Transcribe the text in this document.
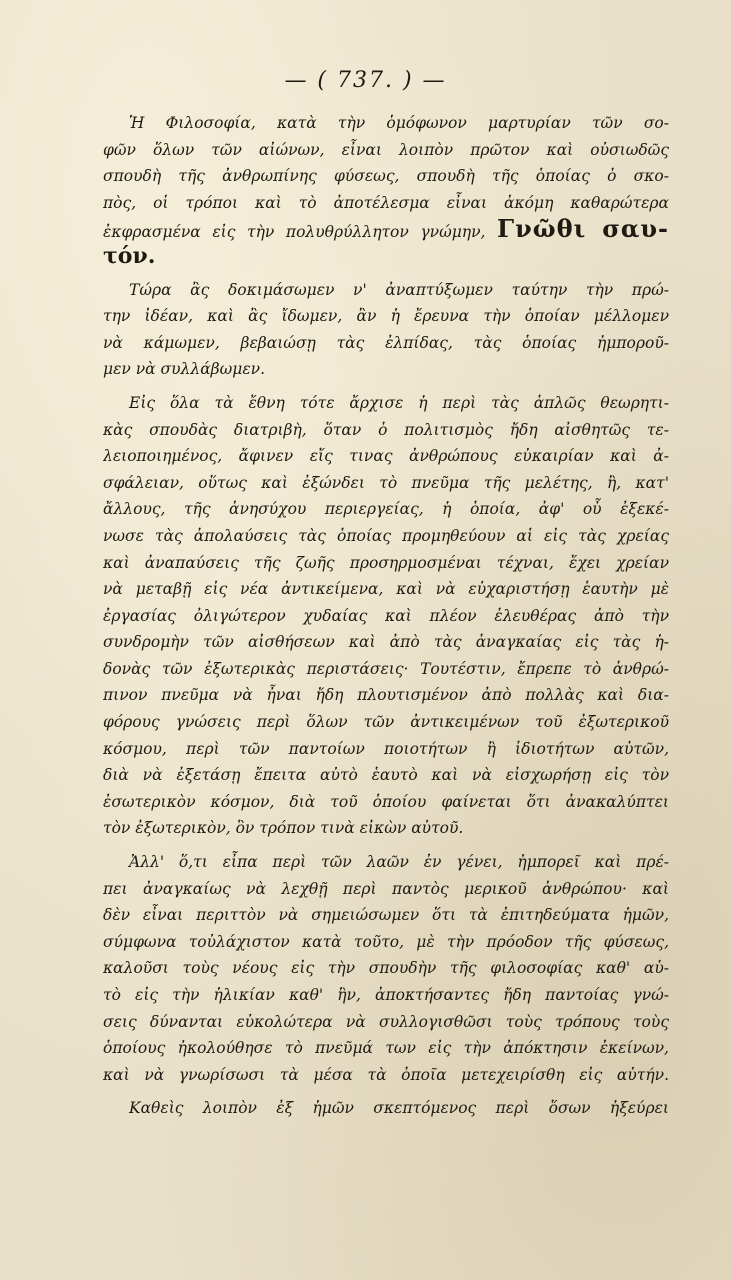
— ( 737. ) —
Ἡ Φιλοσοφία, κατὰ τὴν ὁμόφωνον μαρτυρίαν τῶν σο-
φῶν ὅλων τῶν αἰώνων, εἶναι λοιπὸν πρῶτον καὶ οὐσιωδῶς
σπουδὴ τῆς ἀνθρωπίνης φύσεως, σπουδὴ τῆς ὁποίας ὁ σκο-
πὸς, οἱ τρόποι καὶ τὸ ἀποτέλεσμα εἶναι ἀκόμη καθαρώτερα
ἐκφρασμένα εἰς τὴν πολυθρύλλητον γνώμην, Γνῶθι σαυ-
τόν.
Τώρα ἂς δοκιμάσωμεν ν' ἀναπτύξωμεν ταύτην τὴν πρώ-
την ἰδέαν, καὶ ἂς ἴδωμεν, ἂν ἡ ἔρευνα τὴν ὁποίαν μέλλομεν
νὰ κάμωμεν, βεβαιώσῃ τὰς ἐλπίδας, τὰς ὁποίας ἠμποροῦ-
μεν νὰ συλλάβωμεν.
Εἰς ὅλα τὰ ἔθνη τότε ἄρχισε ἡ περὶ τὰς ἁπλῶς θεωρητι-
κὰς σπουδὰς διατριβὴ, ὅταν ὁ πολιτισμὸς ἤδη αἰσθητῶς τε-
λειοποιημένος, ἄφινεν εἴς τινας ἀνθρώπους εὐκαιρίαν καὶ ἀ-
σφάλειαν, οὕτως καὶ ἐξώνδει τὸ πνεῦμα τῆς μελέτης, ἢ, κατ'
ἄλλους, τῆς ἀνησύχου περιεργείας, ἡ ὁποία, ἀφ' οὗ ἐξεκέ-
νωσε τὰς ἀπολαύσεις τὰς ὁποίας προμηθεύουν αἱ εἰς τὰς χρείας
καὶ ἀναπαύσεις τῆς ζωῆς προσηρμοσμέναι τέχναι, ἔχει χρείαν
νὰ μεταβῇ εἰς νέα ἀντικείμενα, καὶ νὰ εὐχαριστήσῃ ἑαυτὴν μὲ
ἐργασίας ὀλιγώτερον χυδαίας καὶ πλέον ἐλευθέρας ἀπὸ τὴν
συνδρομὴν τῶν αἰσθήσεων καὶ ἀπὸ τὰς ἀναγκαίας εἰς τὰς ἡ-
δονὰς τῶν ἐξωτερικὰς περιστάσεις· Τουτέστιν, ἔπρεπε τὸ ἀνθρώ-
πινον πνεῦμα νὰ ἦναι ἤδη πλουτισμένον ἀπὸ πολλὰς καὶ δια-
φόρους γνώσεις περὶ ὅλων τῶν ἀντικειμένων τοῦ ἐξωτερικοῦ
κόσμου, περὶ τῶν παντοίων ποιοτήτων ἢ ἰδιοτήτων αὐτῶν,
διὰ νὰ ἐξετάσῃ ἔπειτα αὐτὸ ἑαυτὸ καὶ νὰ εἰσχωρήσῃ εἰς τὸν
ἐσωτερικὸν κόσμον, διὰ τοῦ ὁποίου φαίνεται ὅτι ἀνακαλύπτει
τὸν ἐξωτερικὸν, ὃν τρόπον τινὰ εἰκὼν αὐτοῦ.
Ἀλλ' ὅ,τι εἶπα περὶ τῶν λαῶν ἐν γένει, ἠμπορεῖ καὶ πρέ-
πει ἀναγκαίως νὰ λεχθῇ περὶ παντὸς μερικοῦ ἀνθρώπου· καὶ
δὲν εἶναι περιττὸν νὰ σημειώσωμεν ὅτι τὰ ἐπιτηδεύματα ἡμῶν,
σύμφωνα τοὐλάχιστον κατὰ τοῦτο, μὲ τὴν πρόοδον τῆς φύσεως,
καλοῦσι τοὺς νέους εἰς τὴν σπουδὴν τῆς φιλοσοφίας καθ' αὑ-
τὸ εἰς τὴν ἡλικίαν καθ' ἣν, ἀποκτήσαντες ἤδη παντοίας γνώ-
σεις δύνανται εὐκολώτερα νὰ συλλογισθῶσι τοὺς τρόπους τοὺς
ὁποίους ἠκολούθησε τὸ πνεῦμά των εἰς τὴν ἀπόκτησιν ἐκείνων,
καὶ νὰ γνωρίσωσι τὰ μέσα τὰ ὁποῖα μετεχειρίσθη εἰς αὐτήν.
Καθεὶς λοιπὸν ἐξ ἡμῶν σκεπτόμενος περὶ ὅσων ἠξεύρει
